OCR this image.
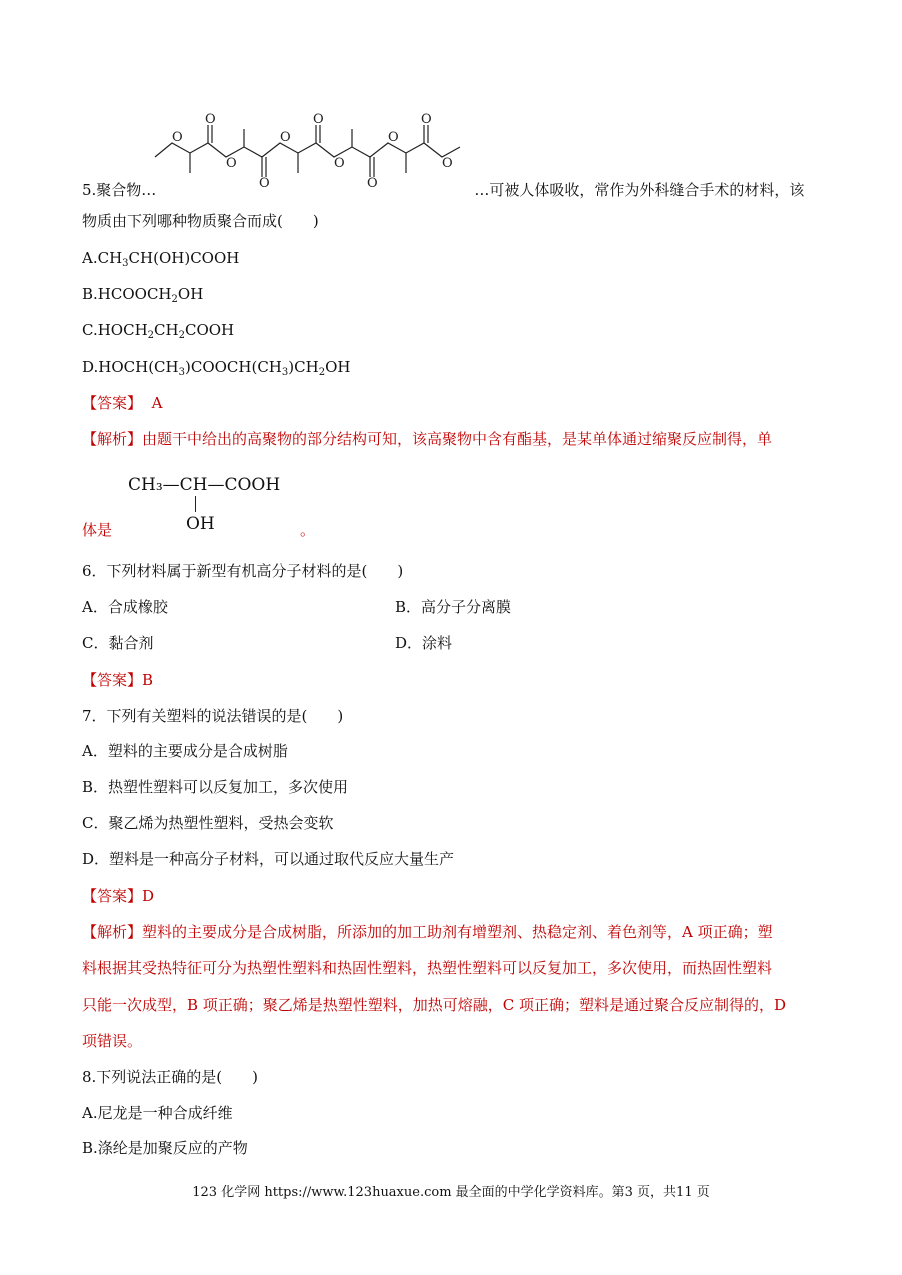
O
O
O
O
O
O
O
O
O
O
O
5.聚合物…	…可被人体吸收，常作为外科缝合手术的材料，该
物质由下列哪种物质聚合而成(　　)
$A.CH_3CH(OH)COOH$
$B.HCOOCH_2OH$
$C.HOCH_2CH_2COOH$
$D.HOCH(CH_3)COOCH(CH_3)CH_2OH$
【答案】 A
【解析】由题干中给出的高聚物的部分结构可知，该高聚物中含有酯基，是某单体通过缩聚反应制得，单
CH₃—CH—COOH
OH
体是	。
6．下列材料属于新型有机高分子材料的是(　　)
A．合成橡胶	B．高分子分离膜
C．黏合剂	D．涂料
【答案】B
7．下列有关塑料的说法错误的是(　　)
A．塑料的主要成分是合成树脂
B．热塑性塑料可以反复加工，多次使用
C．聚乙烯为热塑性塑料，受热会变软
D．塑料是一种高分子材料，可以通过取代反应大量生产
【答案】D
【解析】塑料的主要成分是合成树脂，所添加的加工助剂有增塑剂、热稳定剂、着色剂等，A 项正确；塑
料根据其受热特征可分为热塑性塑料和热固性塑料，热塑性塑料可以反复加工，多次使用，而热固性塑料
只能一次成型，B 项正确；聚乙烯是热塑性塑料，加热可熔融，C 项正确；塑料是通过聚合反应制得的，D
项错误。
8.下列说法正确的是(　　)
A.尼龙是一种合成纤维
B.涤纶是加聚反应的产物
123 化学网 https://www.123huaxue.com 最全面的中学化学资料库。第3 页，共11 页
